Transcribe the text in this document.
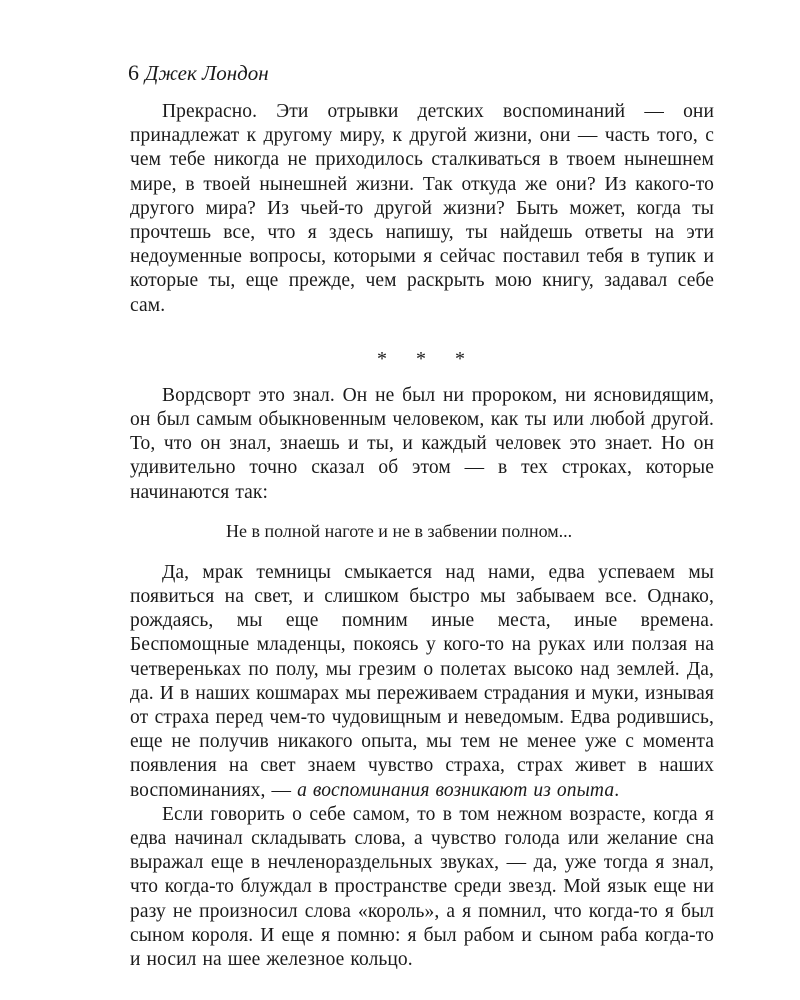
6 Джек Лондон

Прекрасно. Эти отрывки детских воспоминаний — они принадлежат к другому миру, к другой жизни, они — часть того, с чем тебе никогда не приходилось сталкиваться в твоем нынешнем мире, в твоей нынешней жизни. Так откуда же они? Из какого-то другого мира? Из чьей-то другой жизни? Быть может, когда ты прочтешь все, что я здесь напишу, ты найдешь ответы на эти недоуменные вопросы, которыми я сейчас поставил тебя в тупик и которые ты, еще прежде, чем раскрыть мою книгу, задавал себе сам.

* * *

Вордсворт это знал. Он не был ни пророком, ни ясновидящим, он был самым обыкновенным человеком, как ты или любой другой. То, что он знал, знаешь и ты, и каждый человек это знает. Но он удивительно точно сказал об этом — в тех строках, которые начинаются так:

Не в полной наготе и не в забвении полном...

Да, мрак темницы смыкается над нами, едва успеваем мы появиться на свет, и слишком быстро мы забываем все. Однако, рождаясь, мы еще помним иные места, иные времена. Беспомощные младенцы, покоясь у кого-то на руках или ползая на четвереньках по полу, мы грезим о полетах высоко над землей. Да, да. И в наших кошмарах мы переживаем страдания и муки, изнывая от страха перед чем-то чудовищным и неведомым. Едва родившись, еще не получив никакого опыта, мы тем не менее уже с момента появления на свет знаем чувство страха, страх живет в наших воспоминаниях, — а воспоминания возникают из опыта.

Если говорить о себе самом, то в том нежном возрасте, когда я едва начинал складывать слова, а чувство голода или желание сна выражал еще в нечленораздельных звуках, — да, уже тогда я знал, что когда-то блуждал в пространстве среди звезд. Мой язык еще ни разу не произносил слова «король», а я помнил, что когда-то я был сыном короля. И еще я помню: я был рабом и сыном раба когда-то и носил на шее железное кольцо.
